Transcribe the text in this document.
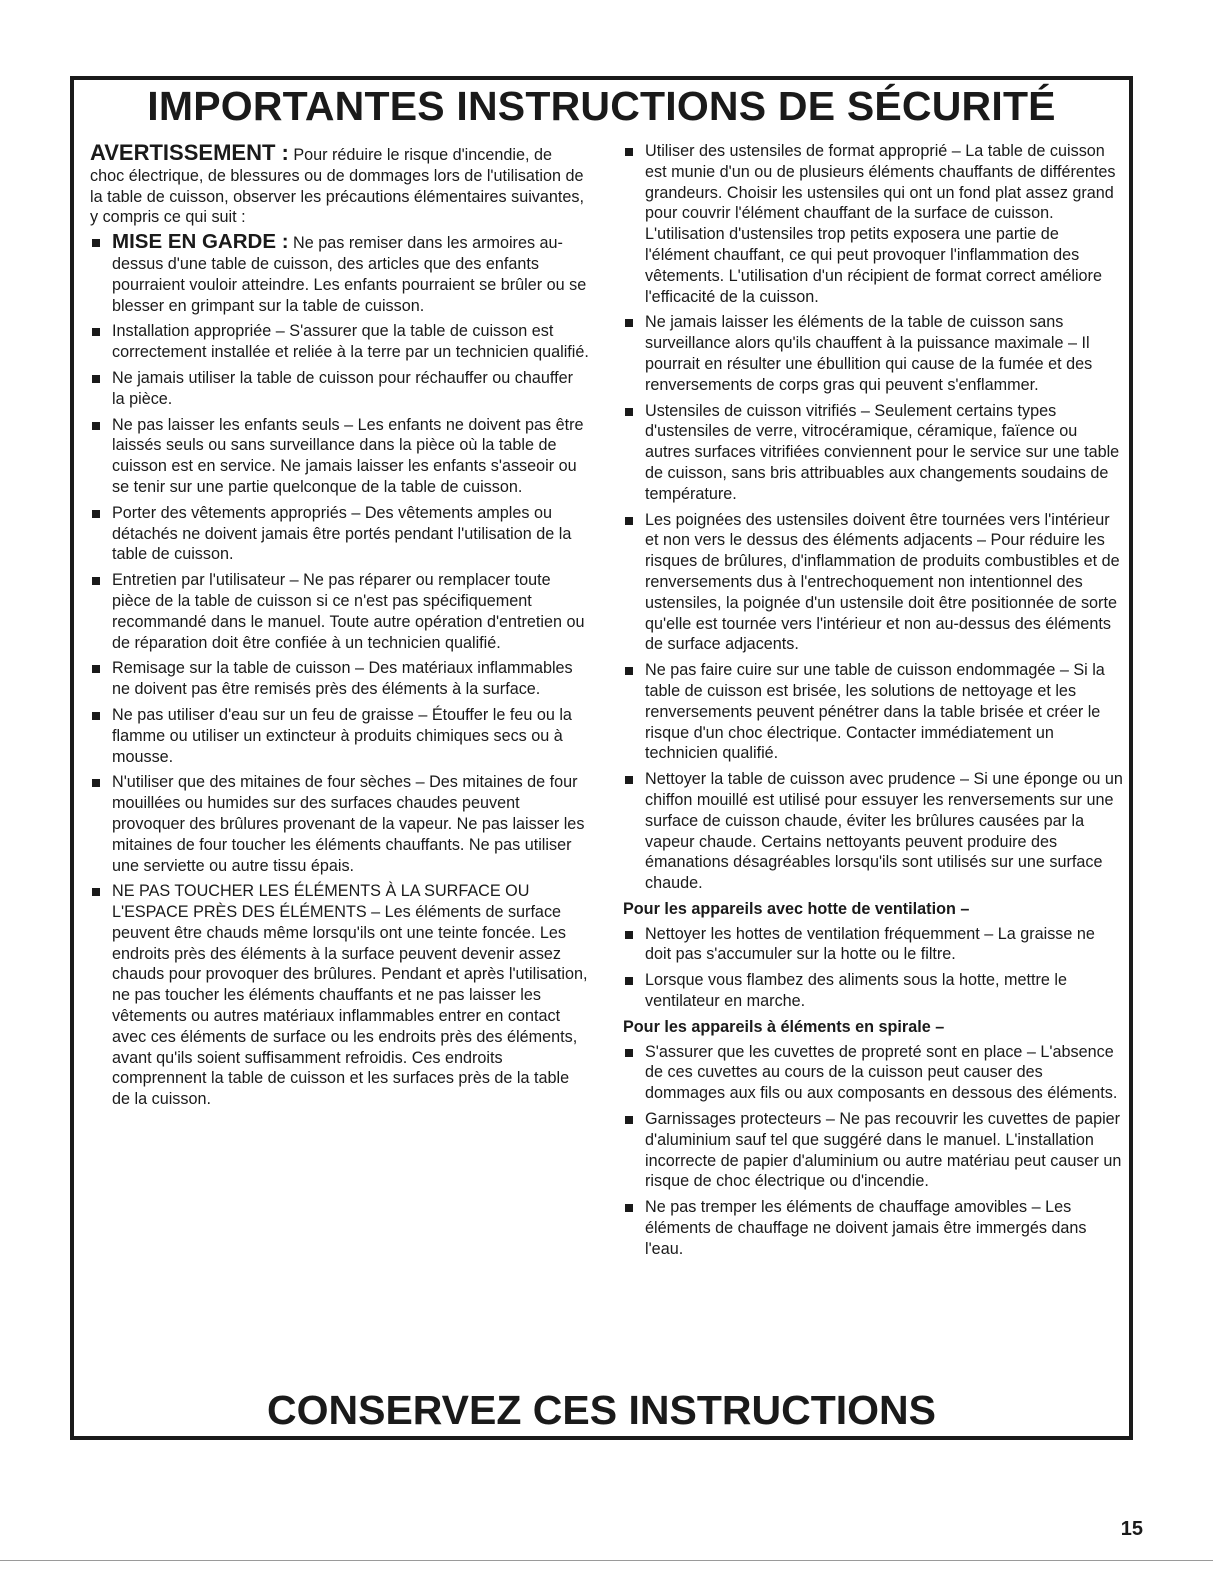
IMPORTANTES INSTRUCTIONS DE SÉCURITÉ

AVERTISSEMENT : Pour réduire le risque d'incendie, de choc électrique, de blessures ou de dommages lors de l'utilisation de la table de cuisson, observer les précautions élémentaires suivantes, y compris ce qui suit :

MISE EN GARDE : Ne pas remiser dans les armoires au-dessus d'une table de cuisson, des articles que des enfants pourraient vouloir atteindre. Les enfants pourraient se brûler ou se blesser en grimpant sur la table de cuisson.
Installation appropriée – S'assurer que la table de cuisson est correctement installée et reliée à la terre par un technicien qualifié.
Ne jamais utiliser la table de cuisson pour réchauffer ou chauffer la pièce.
Ne pas laisser les enfants seuls – Les enfants ne doivent pas être laissés seuls ou sans surveillance dans la pièce où la table de cuisson est en service. Ne jamais laisser les enfants s'asseoir ou se tenir sur une partie quelconque de la table de cuisson.
Porter des vêtements appropriés – Des vêtements amples ou détachés ne doivent jamais être portés pendant l'utilisation de la table de cuisson.
Entretien par l'utilisateur – Ne pas réparer ou remplacer toute pièce de la table de cuisson si ce n'est pas spécifiquement recommandé dans le manuel. Toute autre opération d'entretien ou de réparation doit être confiée à un technicien qualifié.
Remisage sur la table de cuisson – Des matériaux inflammables ne doivent pas être remisés près des éléments à la surface.
Ne pas utiliser d'eau sur un feu de graisse – Étouffer le feu ou la flamme ou utiliser un extincteur à produits chimiques secs ou à mousse.
N'utiliser que des mitaines de four sèches – Des mitaines de four mouillées ou humides sur des surfaces chaudes peuvent provoquer des brûlures provenant de la vapeur. Ne pas laisser les mitaines de four toucher les éléments chauffants. Ne pas utiliser une serviette ou autre tissu épais.
NE PAS TOUCHER LES ÉLÉMENTS À LA SURFACE OU L'ESPACE PRÈS DES ÉLÉMENTS – Les éléments de surface peuvent être chauds même lorsqu'ils ont une teinte foncée. Les endroits près des éléments à la surface peuvent devenir assez chauds pour provoquer des brûlures. Pendant et après l'utilisation, ne pas toucher les éléments chauffants et ne pas laisser les vêtements ou autres matériaux inflammables entrer en contact avec ces éléments de surface ou les endroits près des éléments, avant qu'ils soient suffisamment refroidis. Ces endroits comprennent la table de cuisson et les surfaces près de la table de la cuisson.
Utiliser des ustensiles de format approprié – La table de cuisson est munie d'un ou de plusieurs éléments chauffants de différentes grandeurs. Choisir les ustensiles qui ont un fond plat assez grand pour couvrir l'élément chauffant de la surface de cuisson. L'utilisation d'ustensiles trop petits exposera une partie de l'élément chauffant, ce qui peut provoquer l'inflammation des vêtements. L'utilisation d'un récipient de format correct améliore l'efficacité de la cuisson.
Ne jamais laisser les éléments de la table de cuisson sans surveillance alors qu'ils chauffent à la puissance maximale – Il pourrait en résulter une ébullition qui cause de la fumée et des renversements de corps gras qui peuvent s'enflammer.
Ustensiles de cuisson vitrifiés – Seulement certains types d'ustensiles de verre, vitrocéramique, céramique, faïence ou autres surfaces vitrifiées conviennent pour le service sur une table de cuisson, sans bris attribuables aux changements soudains de température.
Les poignées des ustensiles doivent être tournées vers l'intérieur et non vers le dessus des éléments adjacents – Pour réduire les risques de brûlures, d'inflammation de produits combustibles et de renversements dus à l'entrechoquement non intentionnel des ustensiles, la poignée d'un ustensile doit être positionnée de sorte qu'elle est tournée vers l'intérieur et non au-dessus des éléments de surface adjacents.
Ne pas faire cuire sur une table de cuisson endommagée – Si la table de cuisson est brisée, les solutions de nettoyage et les renversements peuvent pénétrer dans la table brisée et créer le risque d'un choc électrique. Contacter immédiatement un technicien qualifié.
Nettoyer la table de cuisson avec prudence – Si une éponge ou un chiffon mouillé est utilisé pour essuyer les renversements sur une surface de cuisson chaude, éviter les brûlures causées par la vapeur chaude. Certains nettoyants peuvent produire des émanations désagréables lorsqu'ils sont utilisés sur une surface chaude.
Pour les appareils avec hotte de ventilation –
Nettoyer les hottes de ventilation fréquemment – La graisse ne doit pas s'accumuler sur la hotte ou le filtre.
Lorsque vous flambez des aliments sous la hotte, mettre le ventilateur en marche.
Pour les appareils à éléments en spirale –
S'assurer que les cuvettes de propreté sont en place – L'absence de ces cuvettes au cours de la cuisson peut causer des dommages aux fils ou aux composants en dessous des éléments.
Garnissages protecteurs – Ne pas recouvrir les cuvettes de papier d'aluminium sauf tel que suggéré dans le manuel. L'installation incorrecte de papier d'aluminium ou autre matériau peut causer un risque de choc électrique ou d'incendie.
Ne pas tremper les éléments de chauffage amovibles – Les éléments de chauffage ne doivent jamais être immergés dans l'eau.
CONSERVEZ CES INSTRUCTIONS
15
